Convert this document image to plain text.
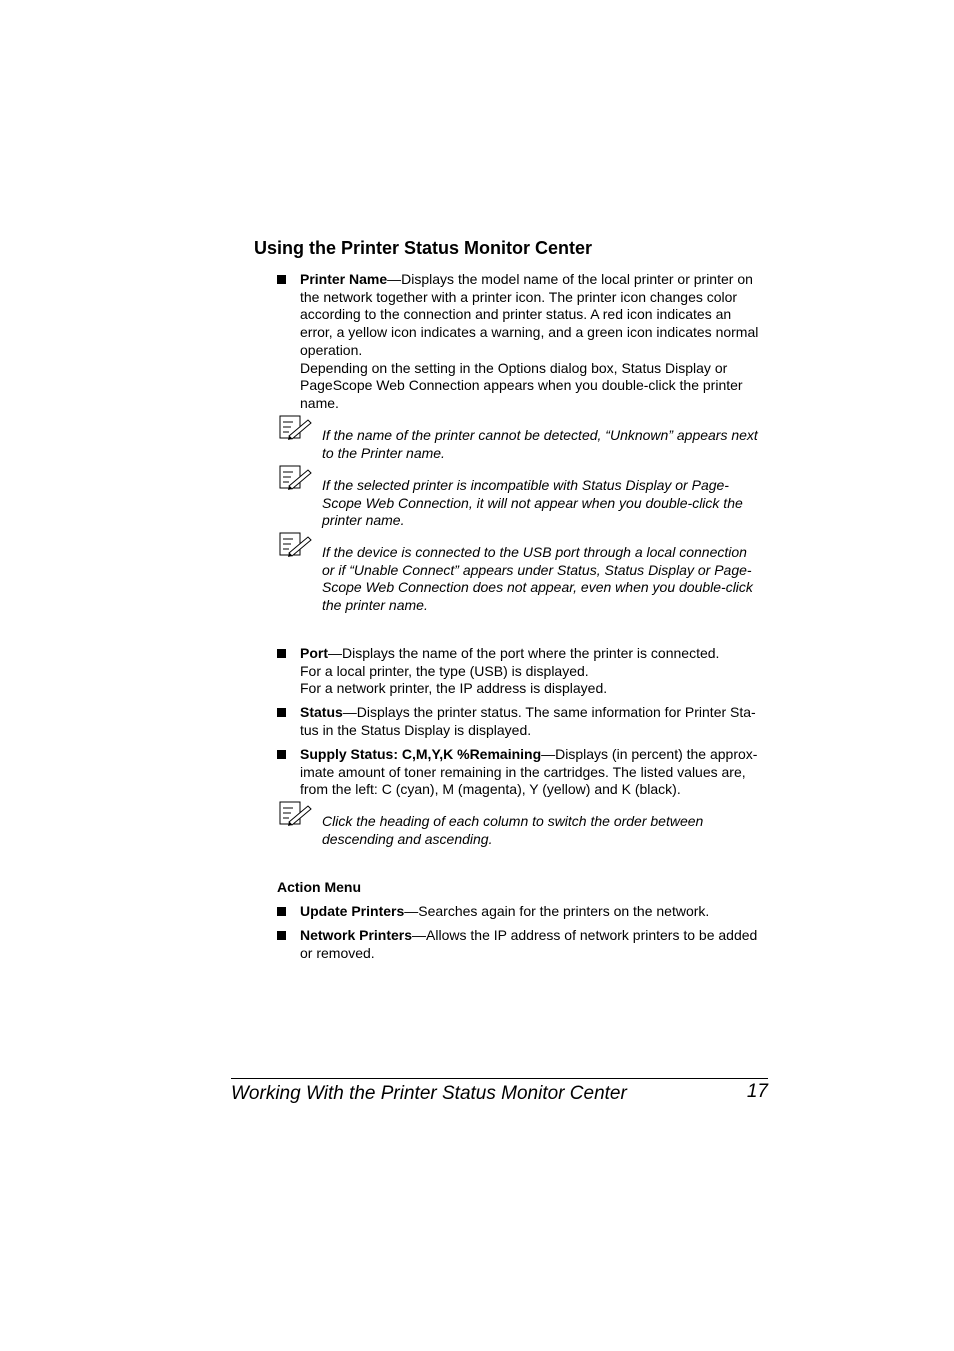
Using the Printer Status Monitor Center
Printer Name—Displays the model name of the local printer or printer on
the network together with a printer icon. The printer icon changes color
according to the connection and printer status. A red icon indicates an
error, a yellow icon indicates a warning, and a green icon indicates normal
operation.
Depending on the setting in the Options dialog box, Status Display or
PageScope Web Connection appears when you double-click the printer
name.
If the name of the printer cannot be detected, “Unknown” appears next
to the Printer name.
If the selected printer is incompatible with Status Display or Page-
Scope Web Connection, it will not appear when you double-click the
printer name.
If the device is connected to the USB port through a local connection
or if “Unable Connect” appears under Status, Status Display or Page-
Scope Web Connection does not appear, even when you double-click
the printer name.
Port—Displays the name of the port where the printer is connected.
For a local printer, the type (USB) is displayed.
For a network printer, the IP address is displayed.
Status—Displays the printer status. The same information for Printer Sta-
tus in the Status Display is displayed.
Supply Status: C,M,Y,K %Remaining—Displays (in percent) the approx-
imate amount of toner remaining in the cartridges. The listed values are,
from the left: C (cyan), M (magenta), Y (yellow) and K (black).
Click the heading of each column to switch the order between
descending and ascending.
Action Menu
Update Printers—Searches again for the printers on the network.
Network Printers—Allows the IP address of network printers to be added
or removed.
Working With the Printer Status Monitor Center	17
